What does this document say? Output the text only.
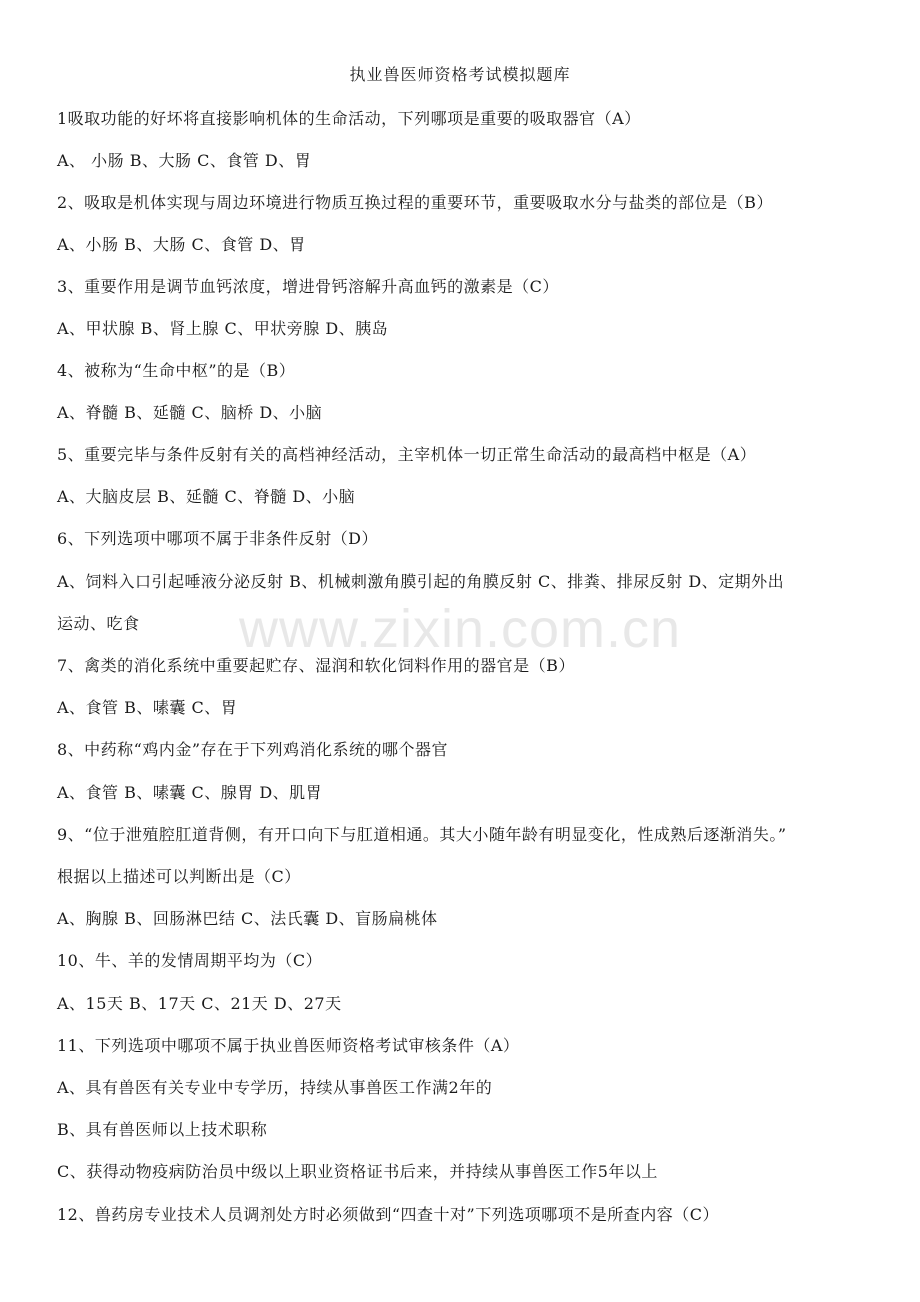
www.zixin.com.cn
执业兽医师资格考试模拟题库
1吸取功能的好坏将直接影响机体的生命活动，下列哪项是重要的吸取器官（A）
A、 小肠 B、大肠 C、食管 D、胃
2、吸取是机体实现与周边环境进行物质互换过程的重要环节，重要吸取水分与盐类的部位是（B）
A、小肠 B、大肠 C、食管 D、胃
3、重要作用是调节血钙浓度，增进骨钙溶解升高血钙的激素是（C）
A、甲状腺 B、肾上腺 C、甲状旁腺 D、胰岛
4、被称为“生命中枢”的是（B）
A、脊髓 B、延髓 C、脑桥 D、小脑
5、重要完毕与条件反射有关的高档神经活动，主宰机体一切正常生命活动的最高档中枢是（A）
A、大脑皮层 B、延髓 C、脊髓 D、小脑
6、下列选项中哪项不属于非条件反射（D）
A、饲料入口引起唾液分泌反射 B、机械刺激角膜引起的角膜反射 C、排粪、排尿反射 D、定期外出
运动、吃食
7、禽类的消化系统中重要起贮存、湿润和软化饲料作用的器官是（B）
A、食管 B、嗉囊 C、胃
8、中药称“鸡内金”存在于下列鸡消化系统的哪个器官
A、食管 B、嗉囊 C、腺胃 D、肌胃
9、“位于泄殖腔肛道背侧，有开口向下与肛道相通。其大小随年龄有明显变化，性成熟后逐渐消失。”
根据以上描述可以判断出是（C）
A、胸腺 B、回肠淋巴结 C、法氏囊 D、盲肠扁桃体
10、牛、羊的发情周期平均为（C）
A、15天 B、17天 C、21天 D、27天
11、下列选项中哪项不属于执业兽医师资格考试审核条件（A）
A、具有兽医有关专业中专学历，持续从事兽医工作满2年的
B、具有兽医师以上技术职称
C、获得动物疫病防治员中级以上职业资格证书后来，并持续从事兽医工作5年以上
12、兽药房专业技术人员调剂处方时必须做到“四查十对”下列选项哪项不是所查内容（C）
